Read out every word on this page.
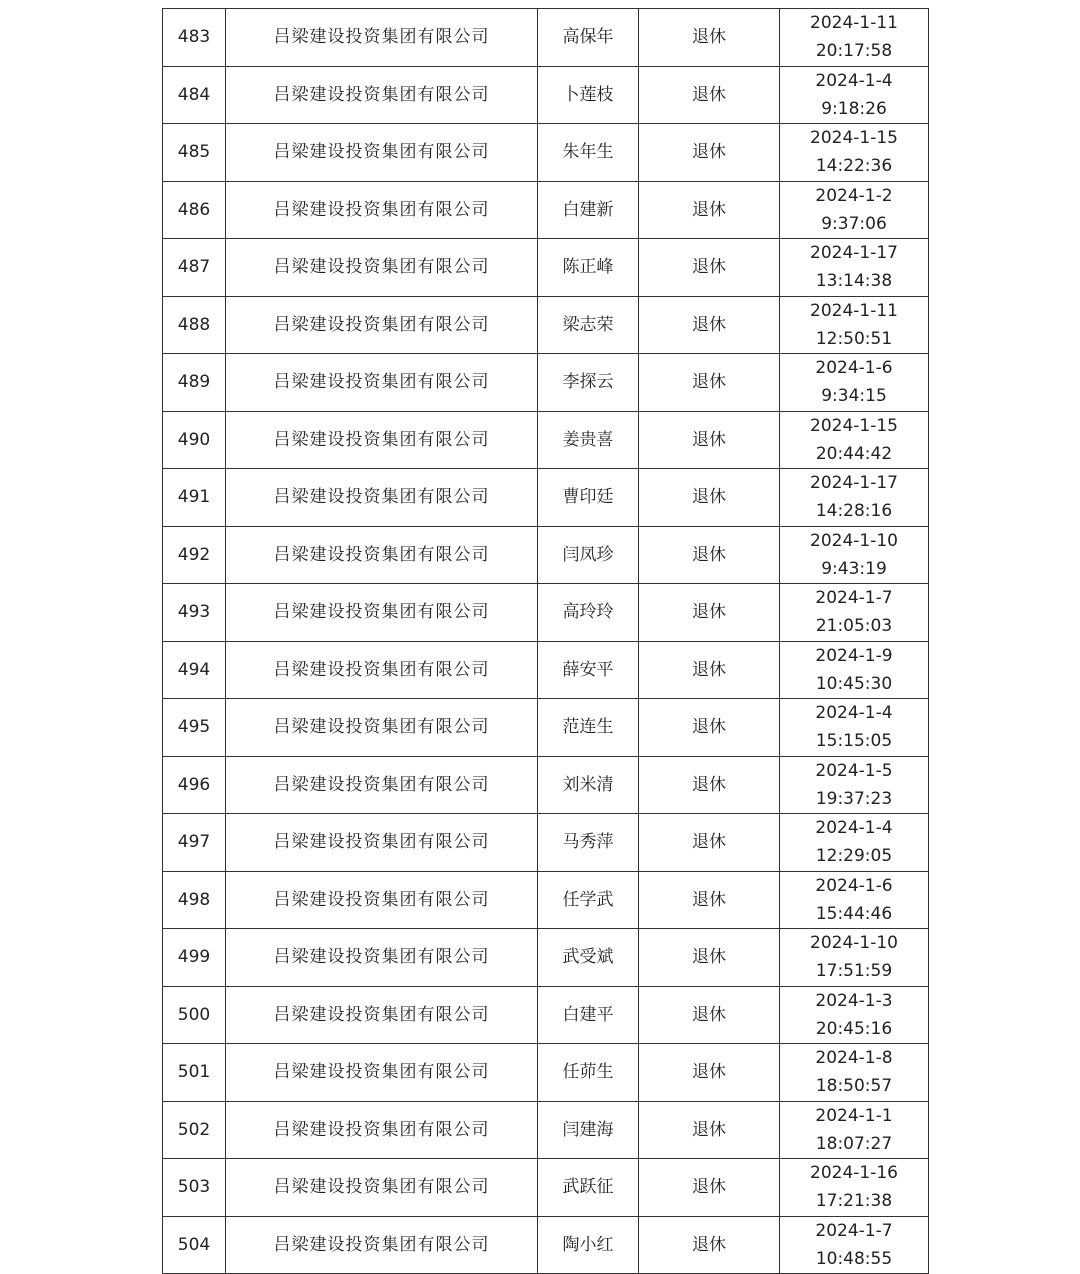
483	吕梁建设投资集团有限公司	高保年	退休	2024-1-11
20:17:58

484	吕梁建设投资集团有限公司	卜莲枝	退休	2024-1-4
9:18:26

485	吕梁建设投资集团有限公司	朱年生	退休	2024-1-15
14:22:36

486	吕梁建设投资集团有限公司	白建新	退休	2024-1-2
9:37:06

487	吕梁建设投资集团有限公司	陈正峰	退休	2024-1-17
13:14:38

488	吕梁建设投资集团有限公司	梁志荣	退休	2024-1-11
12:50:51

489	吕梁建设投资集团有限公司	李探云	退休	2024-1-6
9:34:15

490	吕梁建设投资集团有限公司	姜贵喜	退休	2024-1-15
20:44:42

491	吕梁建设投资集团有限公司	曹印廷	退休	2024-1-17
14:28:16

492	吕梁建设投资集团有限公司	闫凤珍	退休	2024-1-10
9:43:19

493	吕梁建设投资集团有限公司	高玲玲	退休	2024-1-7
21:05:03

494	吕梁建设投资集团有限公司	薛安平	退休	2024-1-9
10:45:30

495	吕梁建设投资集团有限公司	范连生	退休	2024-1-4
15:15:05

496	吕梁建设投资集团有限公司	刘米清	退休	2024-1-5
19:37:23

497	吕梁建设投资集团有限公司	马秀萍	退休	2024-1-4
12:29:05

498	吕梁建设投资集团有限公司	任学武	退休	2024-1-6
15:44:46

499	吕梁建设投资集团有限公司	武受斌	退休	2024-1-10
17:51:59

500	吕梁建设投资集团有限公司	白建平	退休	2024-1-3
20:45:16

501	吕梁建设投资集团有限公司	任茆生	退休	2024-1-8
18:50:57

502	吕梁建设投资集团有限公司	闫建海	退休	2024-1-1
18:07:27

503	吕梁建设投资集团有限公司	武跃征	退休	2024-1-16
17:21:38

504	吕梁建设投资集团有限公司	陶小红	退休	2024-1-7
10:48:55
